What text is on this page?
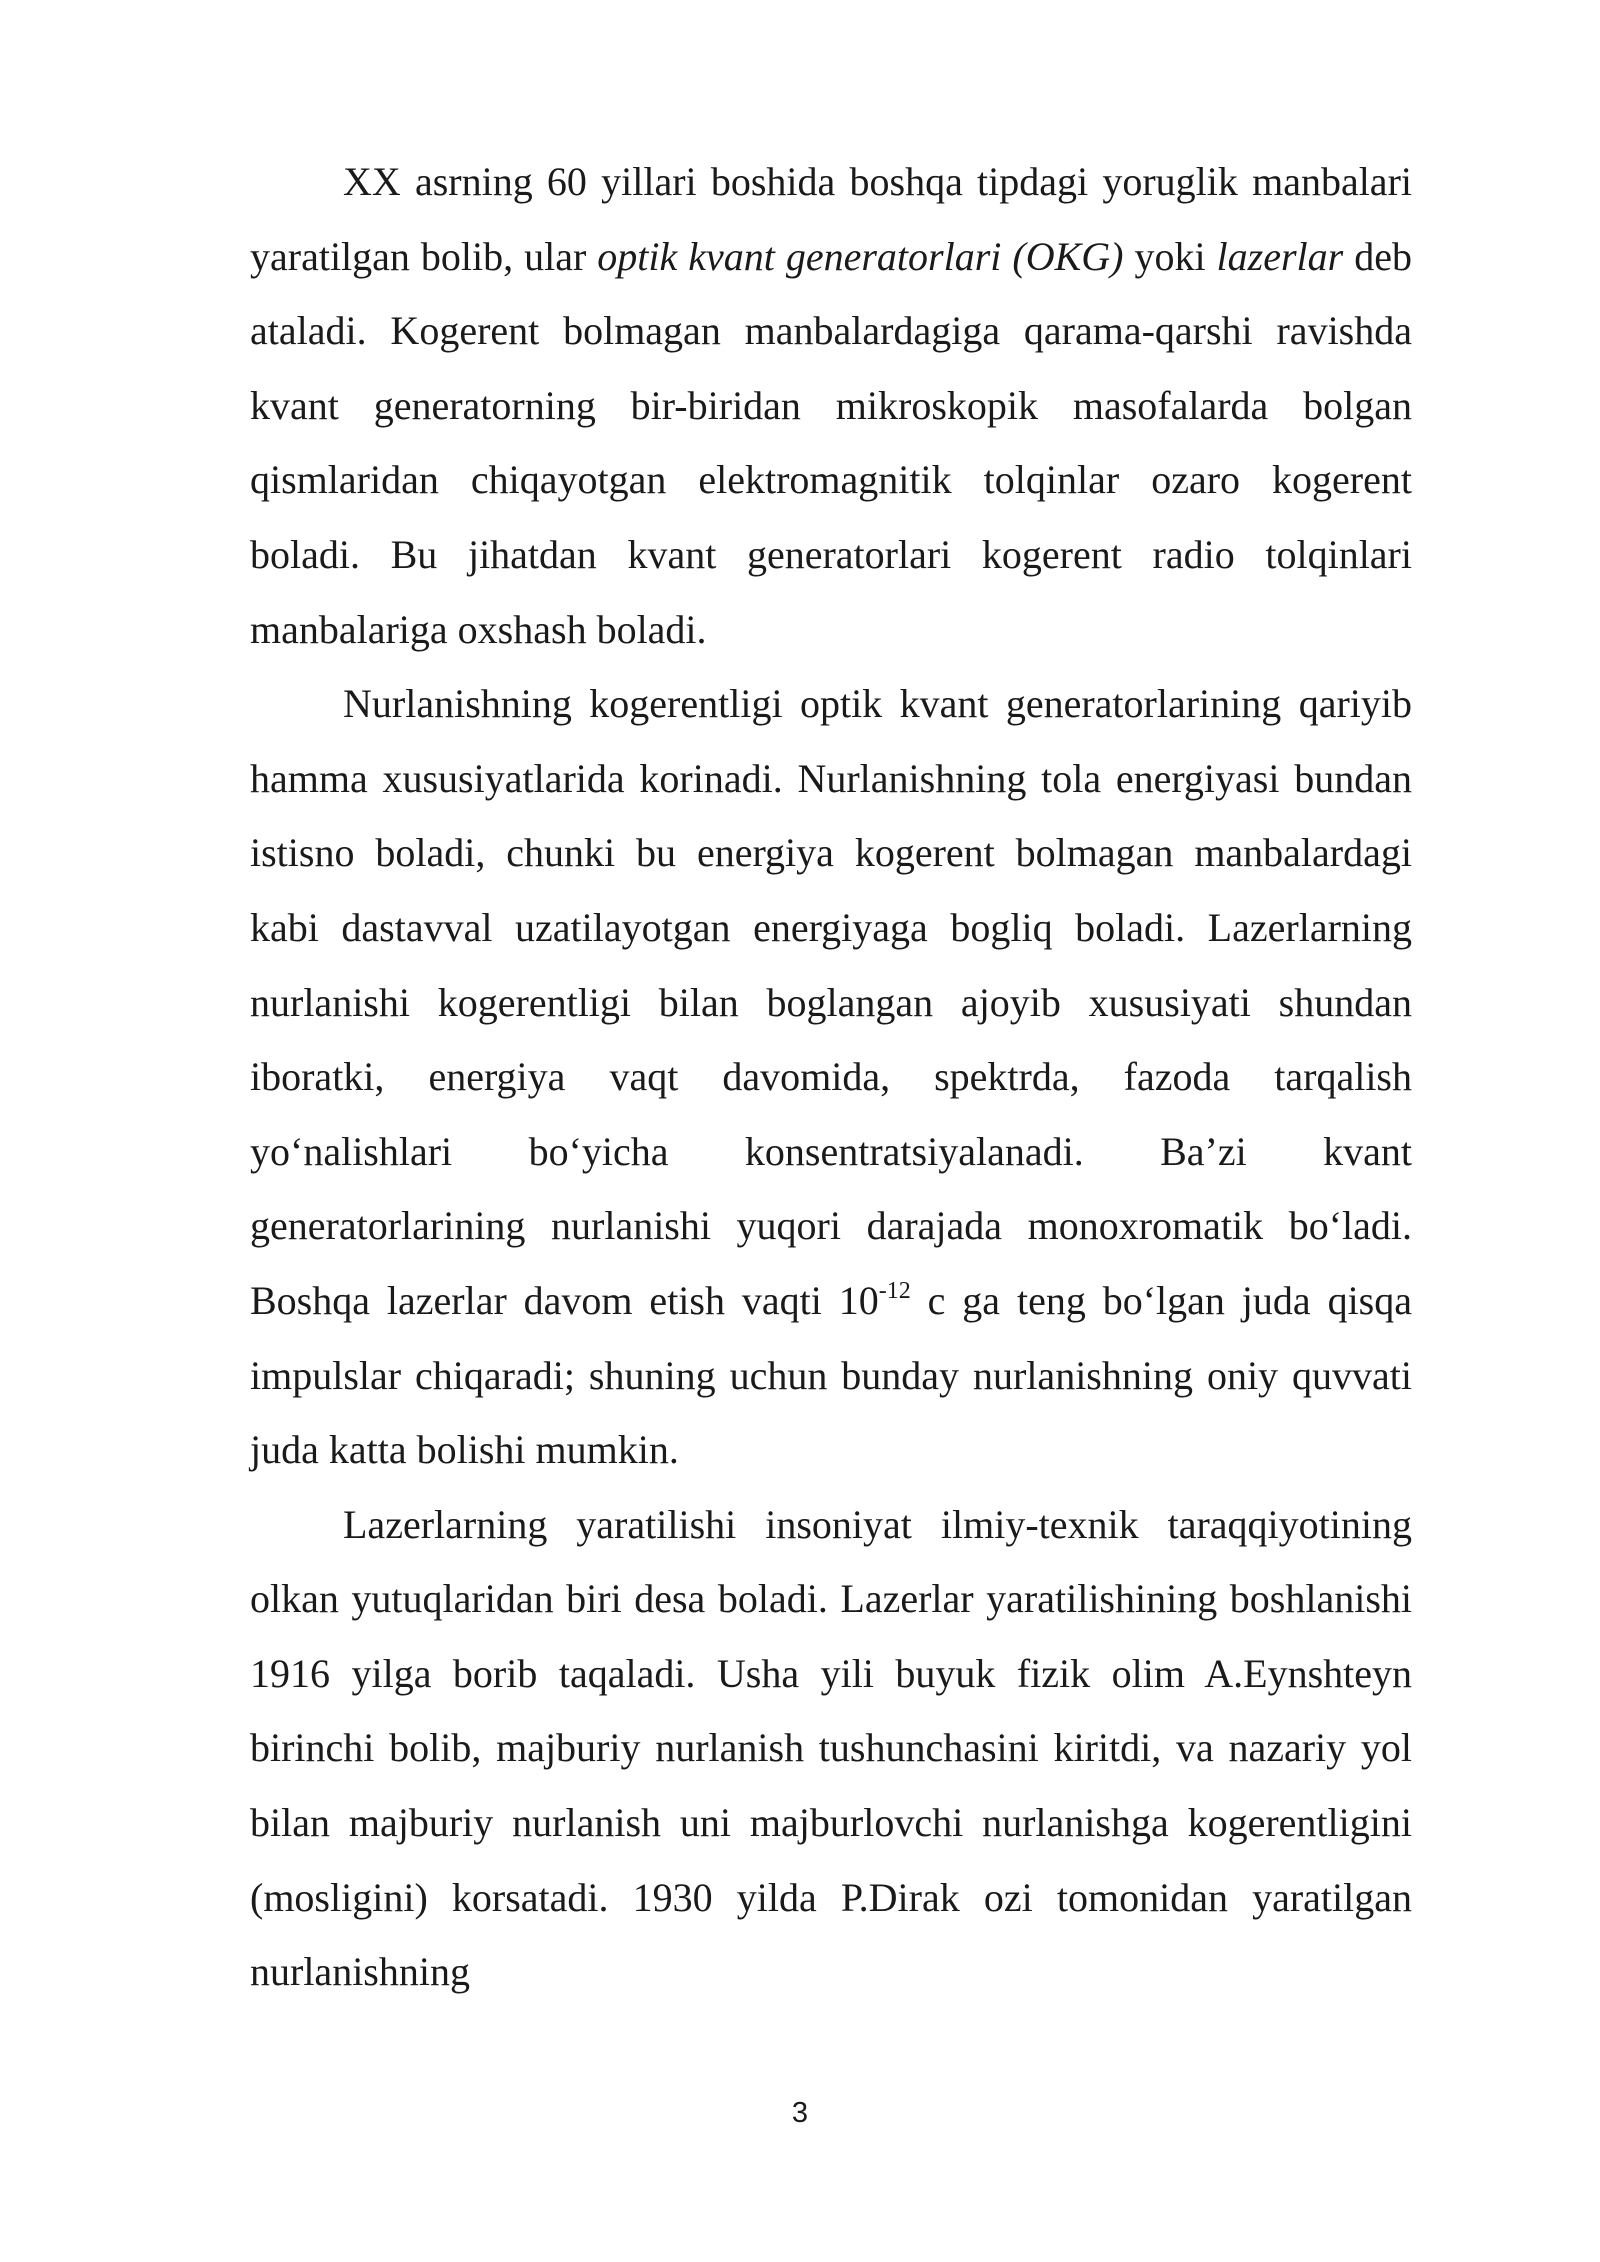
XX asrning 60 yillari boshida boshqa tipdagi yoruglik manbalari yaratilgan bolib, ular optik kvant generatorlari (OKG) yoki lazerlar deb ataladi. Kogerent bolmagan manbalardagiga qarama-qarshi ravishda kvant generatorning bir-biridan mikroskopik masofalarda bolgan qismlaridan chiqayotgan elektromagnitik tolqinlar ozaro kogerent boladi. Bu jihatdan kvant generatorlari kogerent radio tolqinlari manbalariga oxshash boladi.

Nurlanishning kogerentligi optik kvant generatorlarining qariyib hamma xususiyatlarida korinadi. Nurlanishning tola energiyasi bundan istisno boladi, chunki bu energiya kogerent bolmagan manbalardagi kabi dastavval uzatilayotgan energiyaga bogliq boladi. Lazerlarning nurlanishi kogerentligi bilan boglangan ajoyib xususiyati shundan iboratki, energiya vaqt davomida, spektrda, fazoda tarqalish yo‘nalishlari bo‘yicha konsentratsiyalanadi. Ba’zi kvant generatorlarining nurlanishi yuqori darajada monoxromatik bo‘ladi. Boshqa lazerlar davom etish vaqti $10^{-12}$ c ga teng bo‘lgan juda qisqa impulslar chiqaradi; shuning uchun bunday nurlanishning oniy quvvati juda katta bolishi mumkin.

Lazerlarning yaratilishi insoniyat ilmiy-texnik taraqqiyotining olkan yutuqlaridan biri desa boladi. Lazerlar yaratilishining boshlanishi 1916 yilga borib taqaladi. Usha yili buyuk fizik olim A.Eynshteyn birinchi bolib, majburiy nurlanish tushunchasini kiritdi, va nazariy yol bilan majburiy nurlanish uni majburlovchi nurlanishga kogerentligini (mosligini) korsatadi. 1930 yilda P.Dirak ozi tomonidan yaratilgan nurlanishning

3
